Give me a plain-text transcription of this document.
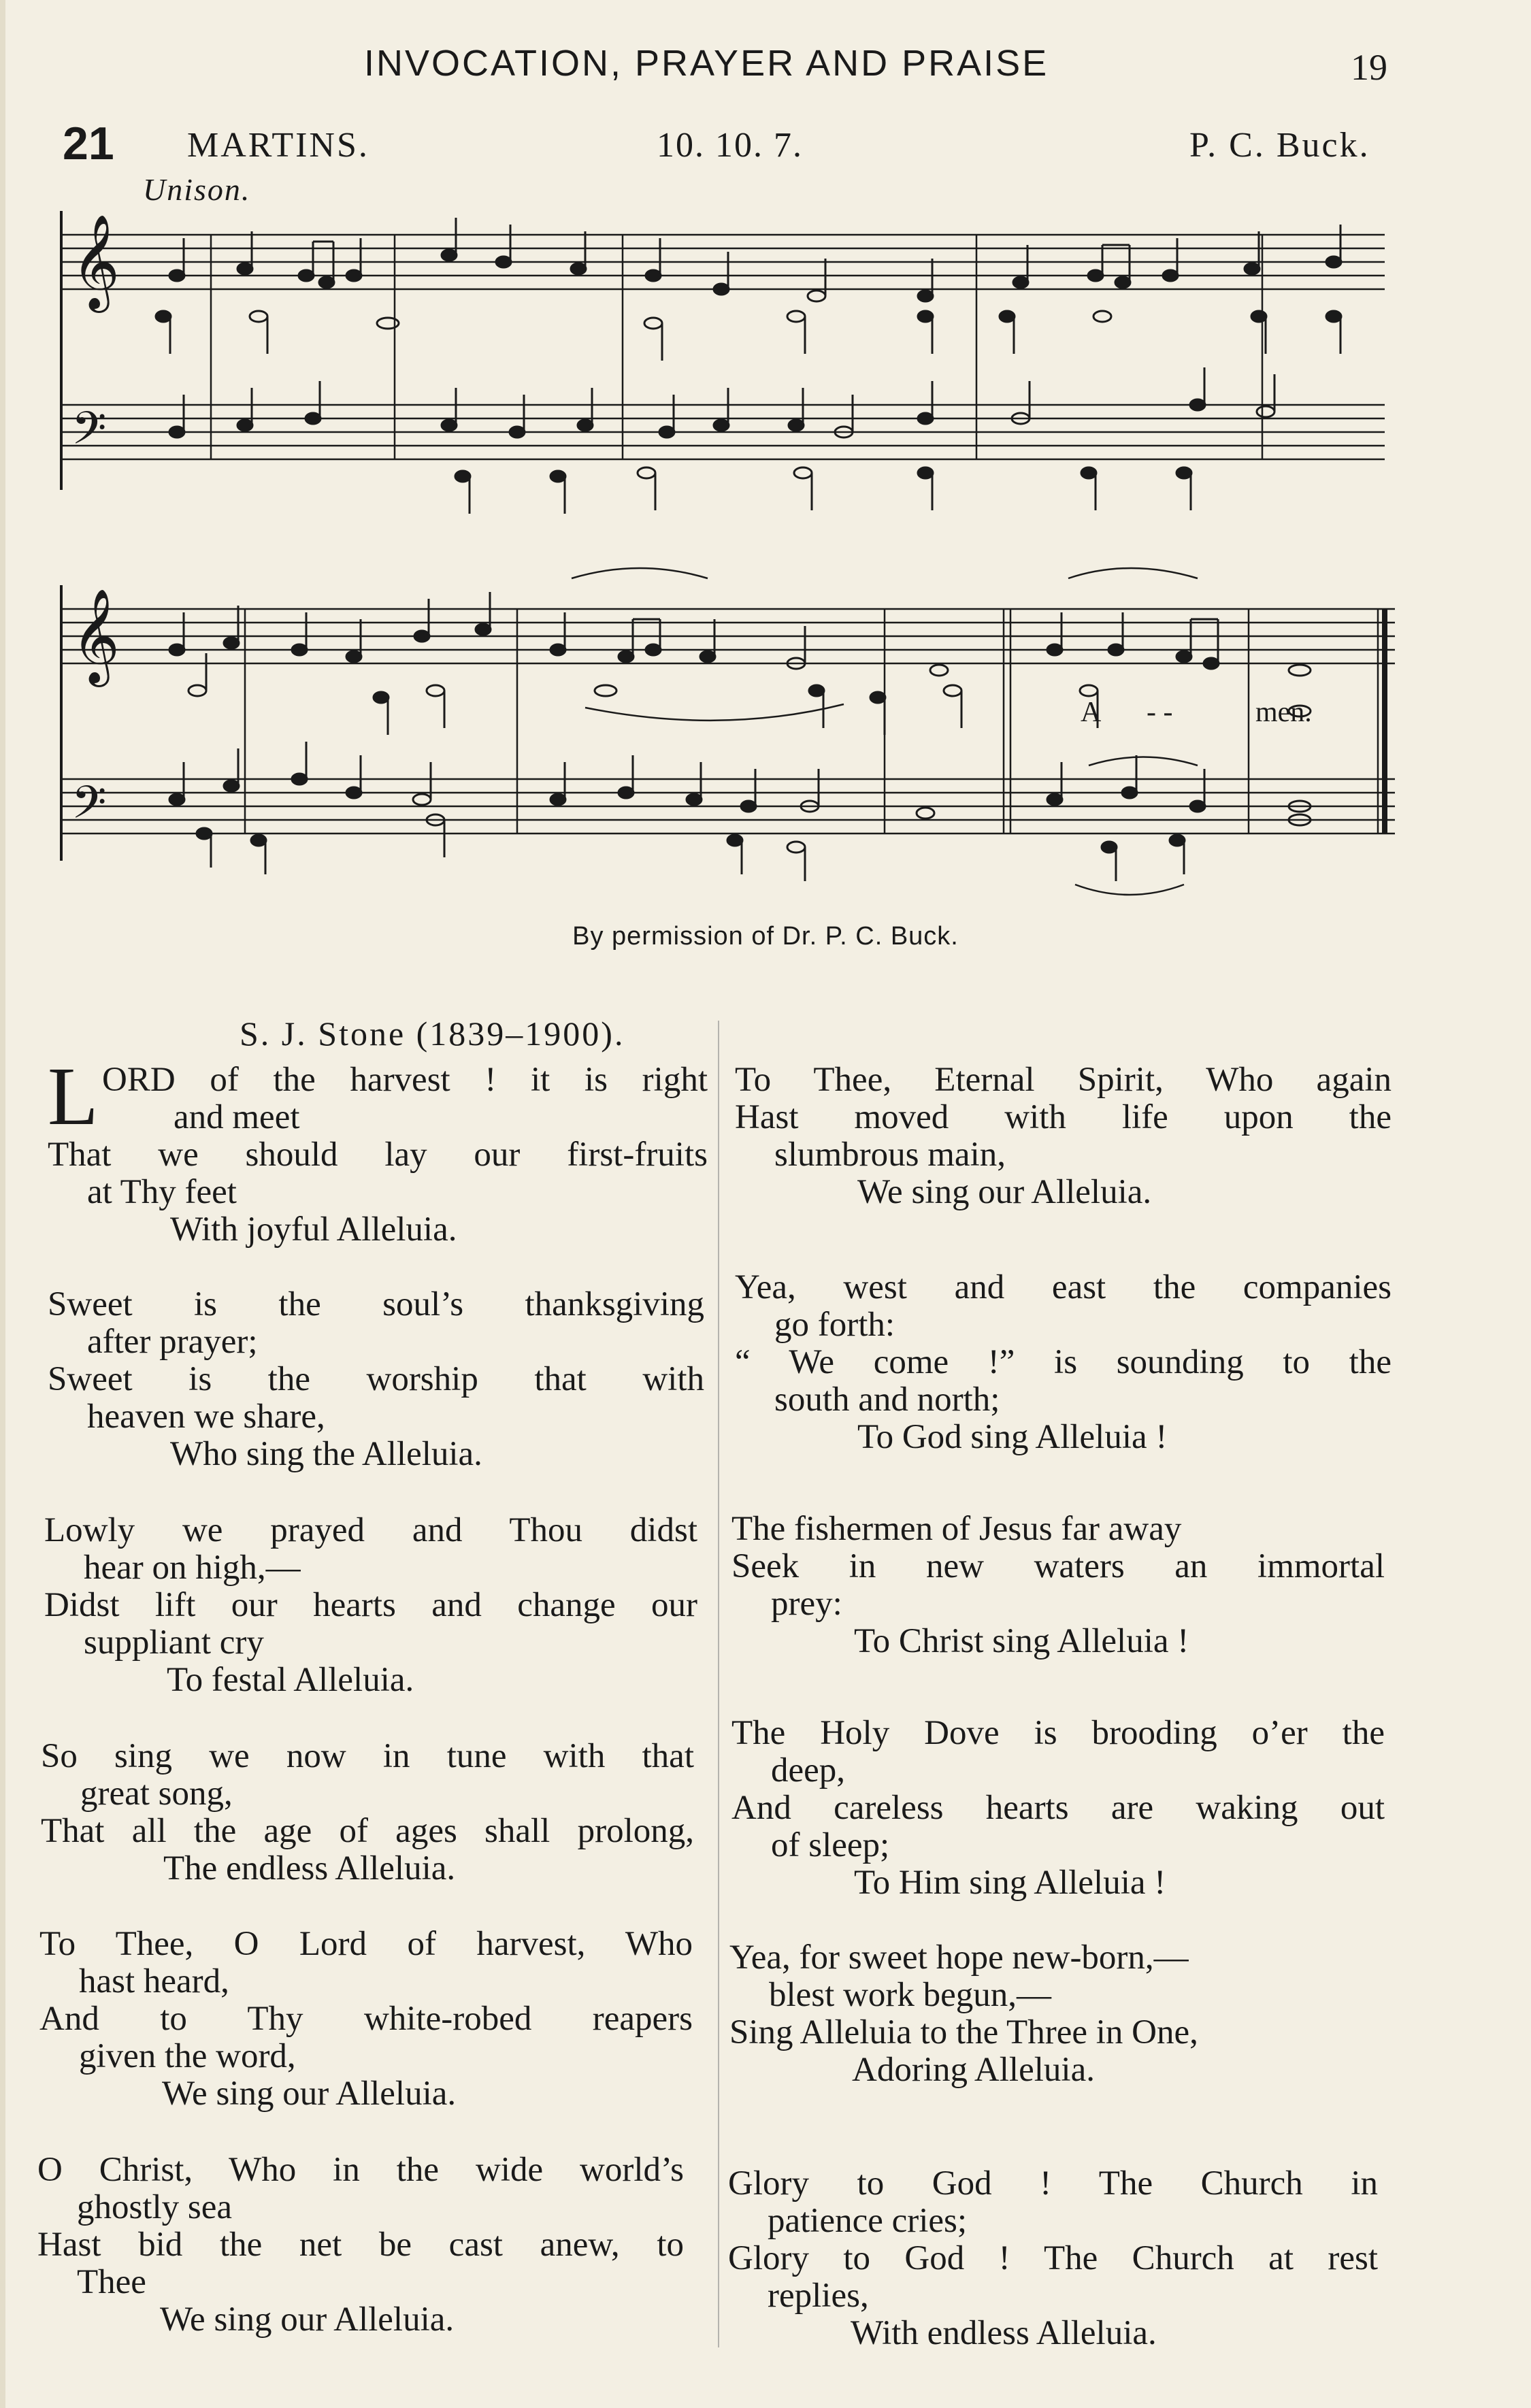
INVOCATION, PRAYER AND PRAISE	19
21 MARTINS.	10. 10. 7.	P. C. Buck.
Unison.
𝄞
𝄢
𝄞
𝄢
A - -	men.
By permission of Dr. P. C. Buck.
S. J. Stone (1839–1900).
L ORD of the harvest ! it is right
and meet
That we should lay our first-fruits
at Thy feet
With joyful Alleluia.
Sweet is the soul’s thanksgiving
after prayer;
Sweet is the worship that with
heaven we share,
Who sing the Alleluia.
Lowly we prayed and Thou didst
hear on high,—
Didst lift our hearts and change our
suppliant cry
To festal Alleluia.
So sing we now in tune with that
great song,
That all the age of ages shall prolong,
The endless Alleluia.
To Thee, O Lord of harvest, Who
hast heard,
And to Thy white-robed reapers
given the word,
We sing our Alleluia.
O Christ, Who in the wide world’s
ghostly sea
Hast bid the net be cast anew, to
Thee
We sing our Alleluia.
To Thee, Eternal Spirit, Who again
Hast moved with life upon the
slumbrous main,
We sing our Alleluia.
Yea, west and east the companies
go forth:
“ We come !” is sounding to the
south and north;
To God sing Alleluia !
The fishermen of Jesus far away
Seek in new waters an immortal
prey:
To Christ sing Alleluia !
The Holy Dove is brooding o’er the
deep,
And careless hearts are waking out
of sleep;
To Him sing Alleluia !
Yea, for sweet hope new-born,—
blest work begun,—
Sing Alleluia to the Three in One,
Adoring Alleluia.
Glory to God ! The Church in
patience cries;
Glory to God ! The Church at rest
replies,
With endless Alleluia.
